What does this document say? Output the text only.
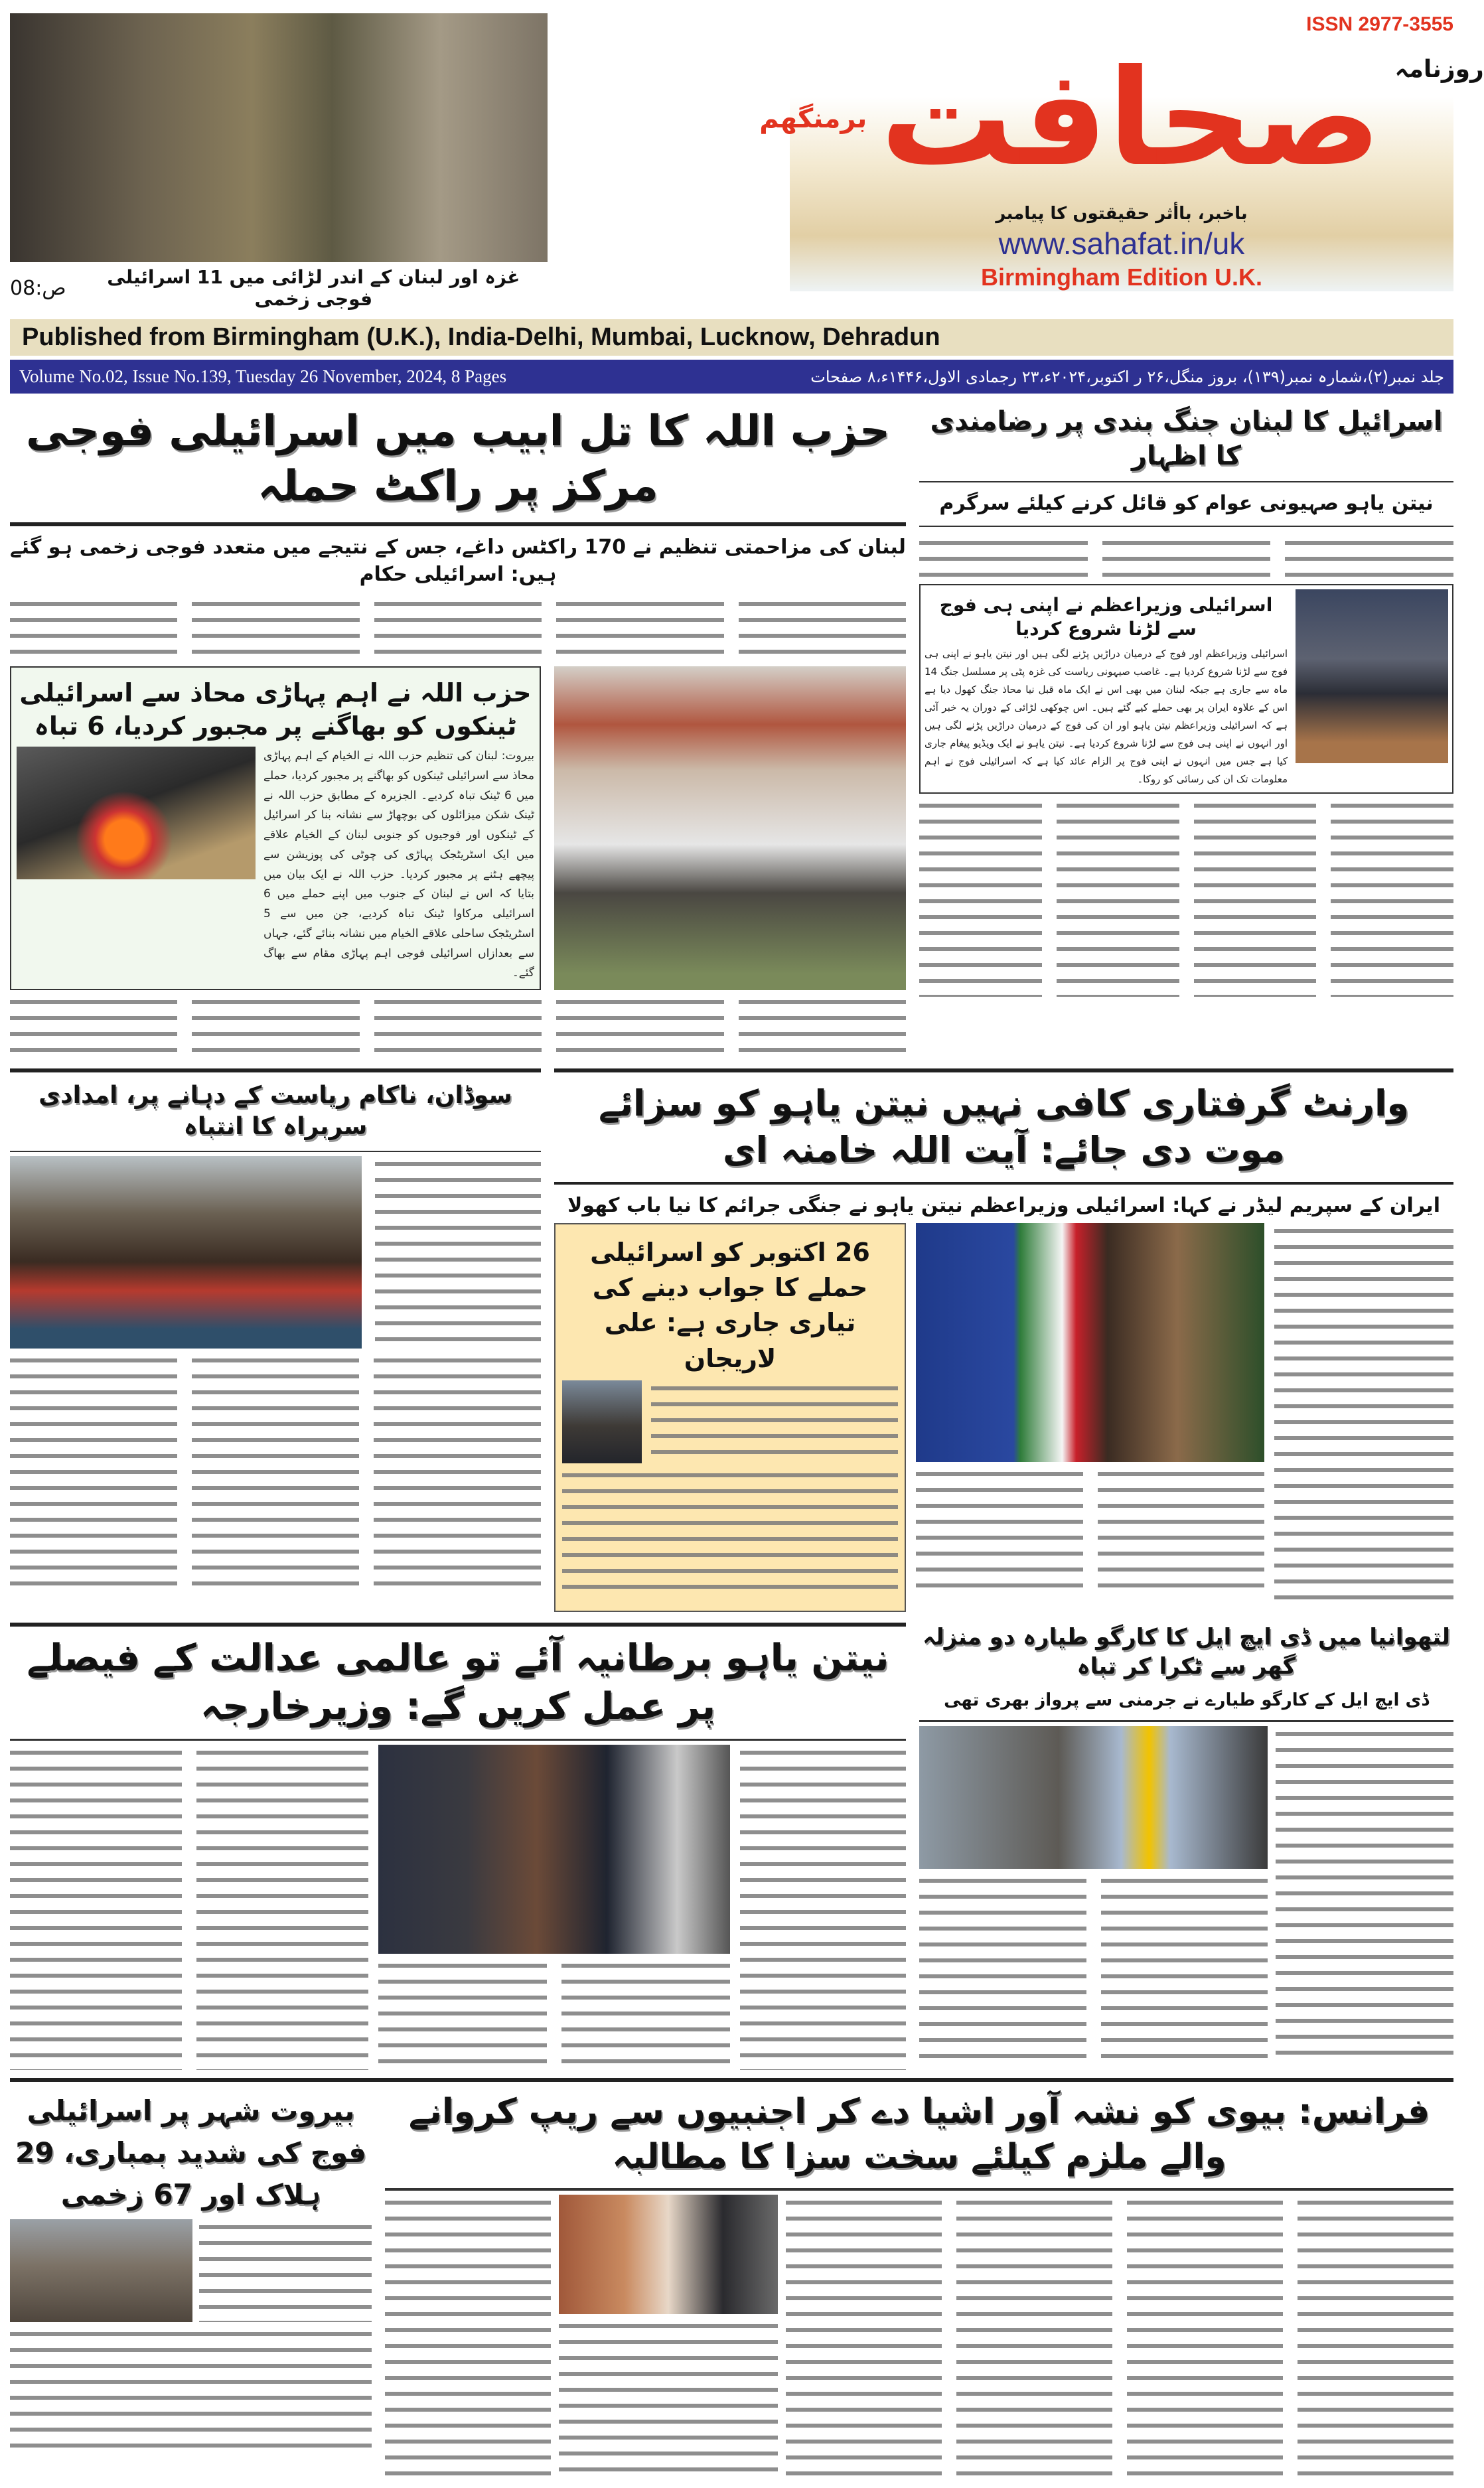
ص:08	غزہ اور لبنان کے اندر لڑائی میں 11 اسرائیلی فوجی زخمی
ISSN 2977-3555
برمنگھم صحافت روزنامہ
باخبر، باأثر حقیقتوں کا پیامبر
www.sahafat.in/uk
Birmingham Edition U.K.
Published from Birmingham (U.K.), India-Delhi, Mumbai, Lucknow, Dehradun
Volume No.02, Issue No.139, Tuesday 26 November, 2024, 8 Pages	جلد نمبر(۲)،شمارہ نمبر(۱۳۹)، بروز منگل،۲۶ ر اکتوبر،۲۰۲۴ء،۲۳ رجمادی الاول،۱۴۴۶ء،۸ صفحات
حزب اللہ کا تل ابیب میں اسرائیلی فوجی مرکز پر راکٹ حملہ
لبنان کی مزاحمتی تنظیم نے 170 راکٹس داغے، جس کے نتیجے میں متعدد فوجی زخمی ہو گئے ہیں: اسرائیلی حکام
حزب اللہ نے اہم پہاڑی محاذ سے اسرائیلی ٹینکوں کو بھاگنے پر مجبور کردیا، 6 تباہ

بیروت: لبنان کی تنظیم حزب اللہ نے الخیام کے اہم پہاڑی محاذ سے اسرائیلی ٹینکوں کو بھاگنے پر مجبور کردیا، حملے میں 6 ٹینک تباہ کردیے۔ الجزیرہ کے مطابق حزب اللہ نے ٹینک شکن میزائلوں کی بوچھاڑ سے نشانہ بنا کر اسرائیل کے ٹینکوں اور فوجیوں کو جنوبی لبنان کے الخیام علاقے میں ایک اسٹریٹجک پہاڑی کی چوٹی کی پوزیشن سے پیچھے ہٹنے پر مجبور کردیا۔ حزب اللہ نے ایک بیان میں بتایا کہ اس نے لبنان کے جنوب میں اپنے حملے میں 6 اسرائیلی مرکاوا ٹینک تباہ کردیے، جن میں سے 5 اسٹریٹجک ساحلی علاقے الخیام میں نشانہ بنائے گئے، جہاں سے بعدازاں اسرائیلی فوجی اہم پہاڑی مقام سے بھاگ گئے۔

اسرائیل کا لبنان جنگ بندی پر رضامندی کا اظہار
نیتن یاہو صہیونی عوام کو قائل کرنے کیلئے سرگرم
اسرائیلی وزیراعظم نے اپنی ہی فوج سے لڑنا شروع کردیا

اسرائیلی وزیراعظم اور فوج کے درمیان دراڑیں پڑنے لگی ہیں اور نیتن یاہو نے اپنی ہی فوج سے لڑنا شروع کردیا ہے۔ غاصب صیہونی ریاست کی غزہ پٹی پر مسلسل جنگ 14 ماہ سے جاری ہے جبکہ لبنان میں بھی اس نے ایک ماہ قبل نیا محاذ جنگ کھول دیا ہے اس کے علاوہ ایران پر بھی حملے کیے گئے ہیں۔ اس چوکھی لڑائی کے دوران یہ خبر آئی ہے کہ اسرائیلی وزیراعظم نیتن یاہو اور ان کی فوج کے درمیان دراڑیں پڑنے لگی ہیں اور انہوں نے اپنی ہی فوج سے لڑنا شروع کردیا ہے۔ نیتن یاہو نے ایک ویڈیو پیغام جاری کیا ہے جس میں انہوں نے اپنی فوج پر الزام عائد کیا ہے کہ اسرائیلی فوج نے اہم معلومات تک ان کی رسائی کو روکا۔

سوڈان، ناکام ریاست کے دہانے پر، امدادی سربراہ کا انتباہ
وارنٹ گرفتاری کافی نہیں نیتن یاہو کو سزائے موت دی جائے: آیت اللہ خامنہ ای
ایران کے سپریم لیڈر نے کہا: اسرائیلی وزیراعظم نیتن یاہو نے جنگی جرائم کا نیا باب کھولا
26 اکتوبر کو اسرائیلی حملے کا جواب دینے کی تیاری جاری ہے: علی لاریجان
نیتن یاہو برطانیہ آئے تو عالمی عدالت کے فیصلے پر عمل کریں گے: وزیرخارجہ
لتھوانیا میں ڈی ایچ ایل کا کارگو طیارہ دو منزلہ گھر سے ٹکرا کر تباہ
ڈی ایچ ایل کے کارگو طیارے نے جرمنی سے پرواز بھری تھی
بیروت شہر پر اسرائیلی فوج کی شدید بمباری، 29 ہلاک اور 67 زخمی
فرانس: بیوی کو نشہ آور اشیا دے کر اجنبیوں سے ریپ کروانے والے ملزم کیلئے سخت سزا کا مطالبہ
